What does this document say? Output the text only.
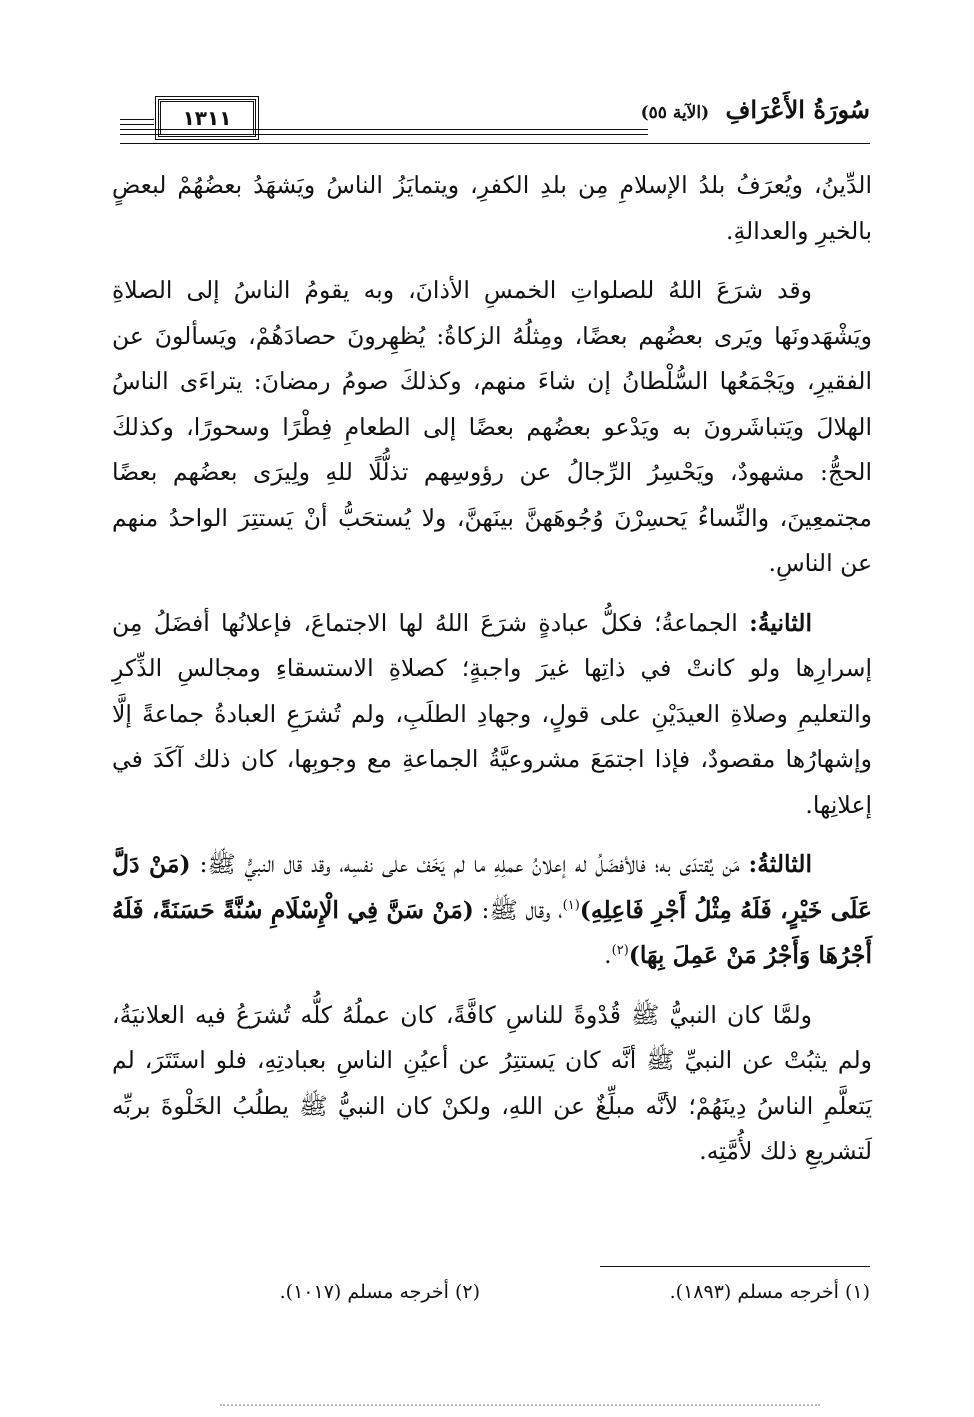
سُورَةُ الأَعْرَافِ (الآية ٥٥)
١٣١١

الدِّينُ، ويُعرَفُ بلدُ الإسلامِ مِن بلدِ الكفرِ، ويتمايَزُ الناسُ ويَشهَدُ بعضُهُمْ لبعضٍ بالخيرِ والعدالةِ.

وقد شرَعَ اللهُ للصلواتِ الخمسِ الأذانَ، وبه يقومُ الناسُ إلى الصلاةِ ويَشْهَدونَها ويَرى بعضُهم بعضًا، ومِثلُهُ الزكاةُ: يُظهِرونَ حصادَهُمْ، ويَسألونَ عن الفقيرِ، ويَجْمَعُها السُّلْطانُ إن شاءَ منهم، وكذلكَ صومُ رمضانَ: يتراءَى الناسُ الهلالَ ويَتباشَرونَ به ويَدْعو بعضُهم بعضًا إلى الطعامِ فِطْرًا وسحورًا، وكذلكَ الحجُّ: مشهودٌ، ويَحْسِرُ الرِّجالُ عن رؤوسِهم تذلُّلًا للهِ ولِيرَى بعضُهم بعضًا مجتمعِينَ، والنِّساءُ يَحسِرْنَ وُجُوهَهنَّ بينَهنَّ، ولا يُستحَبُّ أنْ يَستتِرَ الواحدُ منهم عن الناسِ.

الثانيةُ: الجماعةُ؛ فكلُّ عبادةٍ شرَعَ اللهُ لها الاجتماعَ، فإعلانُها أفضَلُ مِن إسرارِها ولو كانتْ في ذاتِها غيرَ واجبةٍ؛ كصلاةِ الاستسقاءِ ومجالسِ الذِّكرِ والتعليمِ وصلاةِ العيدَيْنِ على قولٍ، وجهادِ الطلَبِ، ولم تُشرَعِ العبادةُ جماعةً إلَّا وإشهارُها مقصودٌ، فإذا اجتمَعَ مشروعيَّةُ الجماعةِ مع وجوبِها، كان ذلك آكَدَ في إعلانِها.

الثالثةُ: مَن يُقتدَى به؛ فالأفضَلُ له إعلانُ عملِهِ ما لم يَخَفْ على نفسِه، وقد قال النبيُّ ﷺ: (مَنْ دَلَّ عَلَى خَيْرٍ، فَلَهُ مِثْلُ أَجْرِ فَاعِلِهِ)$^{(١)}$، وقال ﷺ: (مَنْ سَنَّ فِي الْإِسْلَامِ سُنَّةً حَسَنَةً، فَلَهُ أَجْرُهَا وَأَجْرُ مَنْ عَمِلَ بِهَا)$^{(٢)}$.

ولمَّا كان النبيُّ ﷺ قُدْوةً للناسِ كافَّةً، كان عملُهُ كلُّه تُشرَعُ فيه العلانيَةُ، ولم يثبُتْ عن النبيِّ ﷺ أنَّه كان يَستتِرُ عن أعيُنِ الناسِ بعبادتِهِ، فلو استَتَرَ، لم يَتعلَّمِ الناسُ دِينَهُمْ؛ لأنَّه مبلِّغٌ عن اللهِ، ولكنْ كان النبيُّ ﷺ يطلُبُ الخَلْوةَ بربِّه لَتشريعِ ذلك لأُمَّتِه.

(١) أخرجه مسلم (١٨٩٣).
(٢) أخرجه مسلم (١٠١٧).
